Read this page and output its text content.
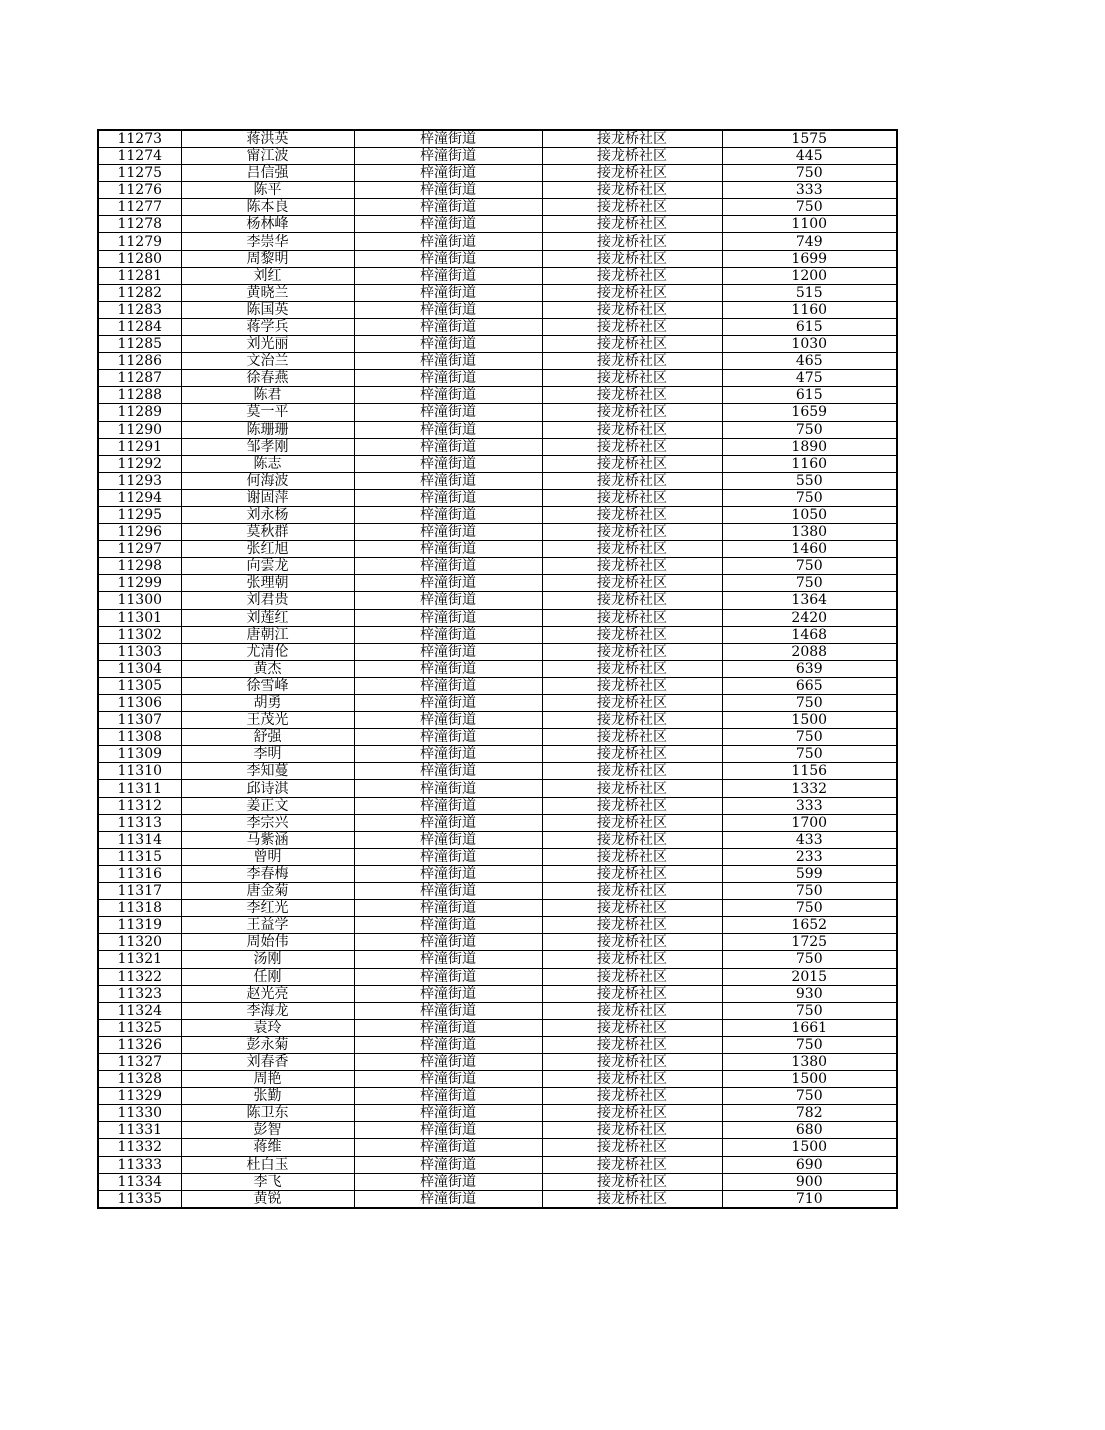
11273	蒋洪英	梓潼街道	接龙桥社区	1575
11274	甯江波	梓潼街道	接龙桥社区	445
11275	吕信强	梓潼街道	接龙桥社区	750
11276	陈平	梓潼街道	接龙桥社区	333
11277	陈本良	梓潼街道	接龙桥社区	750
11278	杨林峰	梓潼街道	接龙桥社区	1100
11279	李崇华	梓潼街道	接龙桥社区	749
11280	周黎明	梓潼街道	接龙桥社区	1699
11281	刘红	梓潼街道	接龙桥社区	1200
11282	黄晓兰	梓潼街道	接龙桥社区	515
11283	陈国英	梓潼街道	接龙桥社区	1160
11284	蒋学兵	梓潼街道	接龙桥社区	615
11285	刘光丽	梓潼街道	接龙桥社区	1030
11286	文治兰	梓潼街道	接龙桥社区	465
11287	徐春燕	梓潼街道	接龙桥社区	475
11288	陈君	梓潼街道	接龙桥社区	615
11289	莫一平	梓潼街道	接龙桥社区	1659
11290	陈珊珊	梓潼街道	接龙桥社区	750
11291	邹孝刚	梓潼街道	接龙桥社区	1890
11292	陈志	梓潼街道	接龙桥社区	1160
11293	何海波	梓潼街道	接龙桥社区	550
11294	谢固萍	梓潼街道	接龙桥社区	750
11295	刘永杨	梓潼街道	接龙桥社区	1050
11296	莫秋群	梓潼街道	接龙桥社区	1380
11297	张红旭	梓潼街道	接龙桥社区	1460
11298	向雲龙	梓潼街道	接龙桥社区	750
11299	张理朝	梓潼街道	接龙桥社区	750
11300	刘君贵	梓潼街道	接龙桥社区	1364
11301	刘莲红	梓潼街道	接龙桥社区	2420
11302	唐朝江	梓潼街道	接龙桥社区	1468
11303	尤清伦	梓潼街道	接龙桥社区	2088
11304	黄杰	梓潼街道	接龙桥社区	639
11305	徐雪峰	梓潼街道	接龙桥社区	665
11306	胡勇	梓潼街道	接龙桥社区	750
11307	王茂光	梓潼街道	接龙桥社区	1500
11308	舒强	梓潼街道	接龙桥社区	750
11309	李明	梓潼街道	接龙桥社区	750
11310	李知蔓	梓潼街道	接龙桥社区	1156
11311	邱诗淇	梓潼街道	接龙桥社区	1332
11312	姜正文	梓潼街道	接龙桥社区	333
11313	李宗兴	梓潼街道	接龙桥社区	1700
11314	马紫涵	梓潼街道	接龙桥社区	433
11315	曾明	梓潼街道	接龙桥社区	233
11316	李春梅	梓潼街道	接龙桥社区	599
11317	唐金菊	梓潼街道	接龙桥社区	750
11318	李红光	梓潼街道	接龙桥社区	750
11319	王益学	梓潼街道	接龙桥社区	1652
11320	周始伟	梓潼街道	接龙桥社区	1725
11321	汤刚	梓潼街道	接龙桥社区	750
11322	任刚	梓潼街道	接龙桥社区	2015
11323	赵光亮	梓潼街道	接龙桥社区	930
11324	李海龙	梓潼街道	接龙桥社区	750
11325	袁玲	梓潼街道	接龙桥社区	1661
11326	彭永菊	梓潼街道	接龙桥社区	750
11327	刘春香	梓潼街道	接龙桥社区	1380
11328	周艳	梓潼街道	接龙桥社区	1500
11329	张勤	梓潼街道	接龙桥社区	750
11330	陈卫东	梓潼街道	接龙桥社区	782
11331	彭智	梓潼街道	接龙桥社区	680
11332	蒋维	梓潼街道	接龙桥社区	1500
11333	杜白玉	梓潼街道	接龙桥社区	690
11334	李飞	梓潼街道	接龙桥社区	900
11335	黄锐	梓潼街道	接龙桥社区	710
